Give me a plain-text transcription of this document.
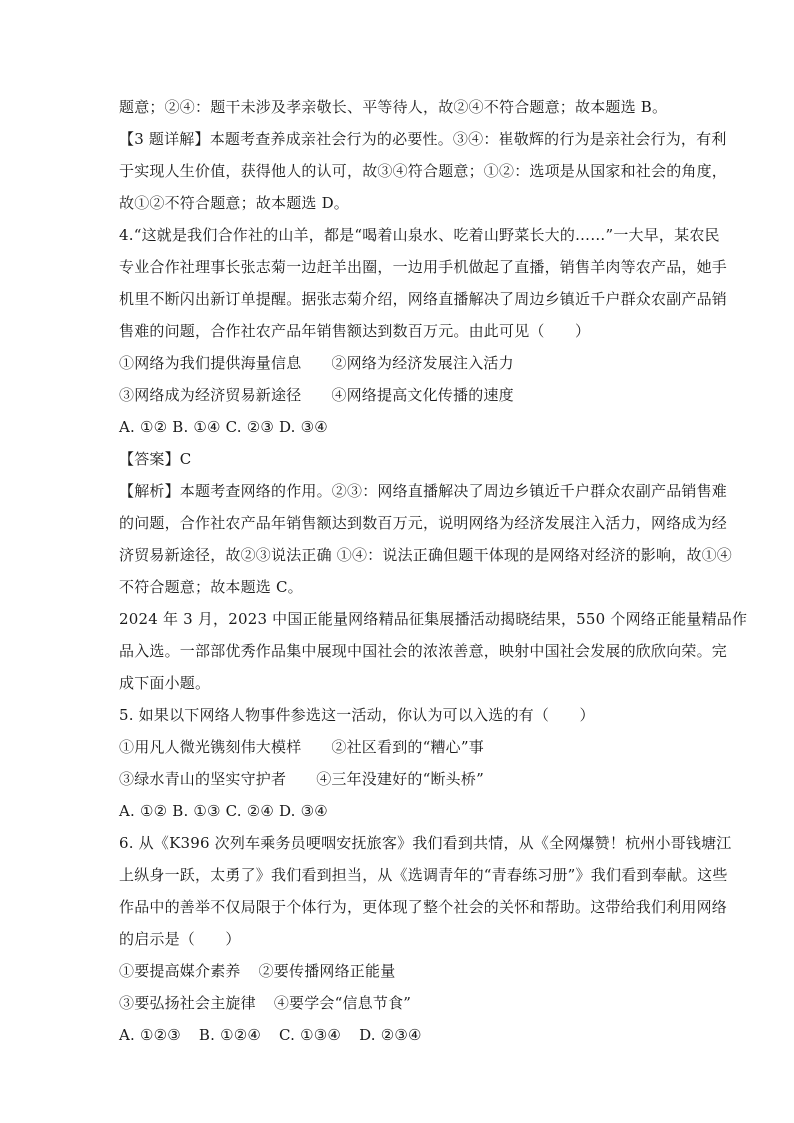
题意；②④：题干未涉及孝亲敬长、平等待人，故②④不符合题意；故本题选 B。
【3 题详解】本题考查养成亲社会行为的必要性。③④：崔敬辉的行为是亲社会行为，有利
于实现人生价值，获得他人的认可，故③④符合题意；①②：选项是从国家和社会的角度，
故①②不符合题意；故本题选 D。
4.“这就是我们合作社的山羊，都是“喝着山泉水、吃着山野菜长大的……”一大早，某农民
专业合作社理事长张志菊一边赶羊出圈，一边用手机做起了直播，销售羊肉等农产品，她手
机里不断闪出新订单提醒。据张志菊介绍，网络直播解决了周边乡镇近千户群众农副产品销
售难的问题，合作社农产品年销售额达到数百万元。由此可见（　　）
①网络为我们提供海量信息 ②网络为经济发展注入活力
③网络成为经济贸易新途径 ④网络提高文化传播的速度
A. ①② B. ①④ C. ②③ D. ③④
【答案】C
【解析】本题考查网络的作用。②③：网络直播解决了周边乡镇近千户群众农副产品销售难
的问题，合作社农产品年销售额达到数百万元，说明网络为经济发展注入活力，网络成为经
济贸易新途径，故②③说法正确 ①④：说法正确但题干体现的是网络对经济的影响，故①④
不符合题意；故本题选 C。
2024 年 3 月，2023 中国正能量网络精品征集展播活动揭晓结果，550 个网络正能量精品作
品入选。一部部优秀作品集中展现中国社会的浓浓善意，映射中国社会发展的欣欣向荣。完
成下面小题。
5. 如果以下网络人物事件参选这一活动，你认为可以入选的有（　　）
①用凡人微光镌刻伟大模样 ②社区看到的“糟心”事
③绿水青山的坚实守护者 ④三年没建好的“断头桥”
A. ①② B. ①③ C. ②④ D. ③④
6. 从《K396 次列车乘务员哽咽安抚旅客》我们看到共情，从《全网爆赞！杭州小哥钱塘江
上纵身一跃，太勇了》我们看到担当，从《选调青年的“青春练习册”》我们看到奉献。这些
作品中的善举不仅局限于个体行为，更体现了整个社会的关怀和帮助。这带给我们利用网络
的启示是（　　）
①要提高媒介素养 ②要传播网络正能量
③要弘扬社会主旋律 ④要学会“信息节食”
A. ①②③ B. ①②④ C. ①③④ D. ②③④
